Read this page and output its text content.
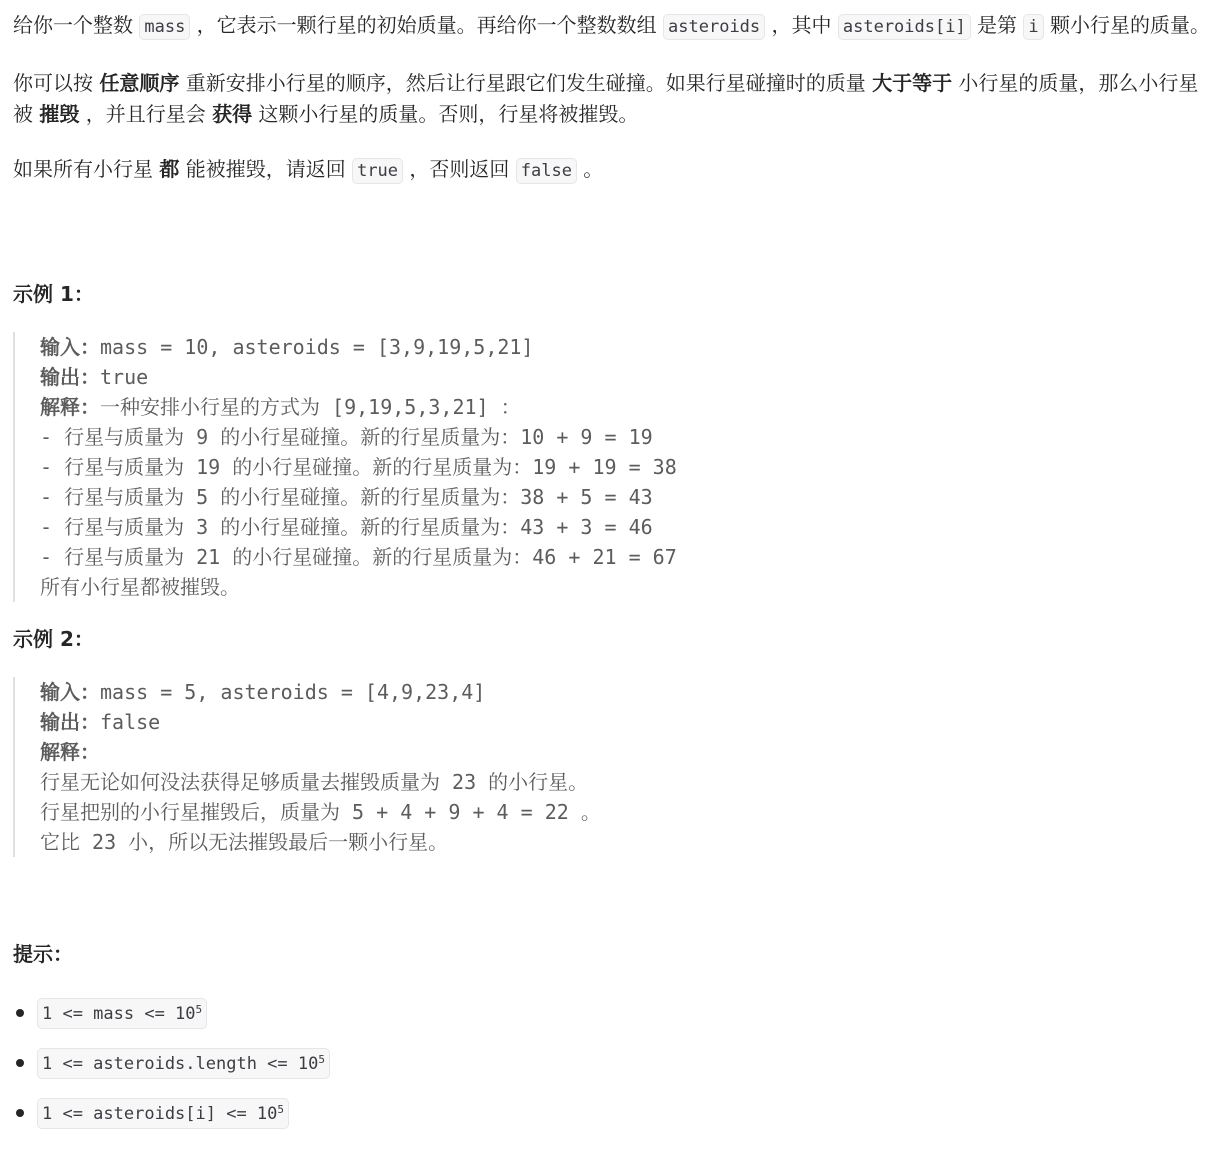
给你一个整数 mass ，它表示一颗行星的初始质量。再给你一个整数数组 asteroids ，其中 asteroids[i] 是第 i 颗小行星的质量。

你可以按 任意顺序 重新安排小行星的顺序，然后让行星跟它们发生碰撞。如果行星碰撞时的质量 大于等于 小行星的质量，那么小行星被 摧毁 ，并且行星会 获得 这颗小行星的质量。否则，行星将被摧毁。

如果所有小行星 都 能被摧毁，请返回 true ，否则返回 false 。

示例 1：

输入：mass = 10, asteroids = [3,9,19,5,21]
输出：true
解释：一种安排小行星的方式为 [9,19,5,3,21] ：
- 行星与质量为 9 的小行星碰撞。新的行星质量为：10 + 9 = 19
- 行星与质量为 19 的小行星碰撞。新的行星质量为：19 + 19 = 38
- 行星与质量为 5 的小行星碰撞。新的行星质量为：38 + 5 = 43
- 行星与质量为 3 的小行星碰撞。新的行星质量为：43 + 3 = 46
- 行星与质量为 21 的小行星碰撞。新的行星质量为：46 + 21 = 67
所有小行星都被摧毁。

示例 2：

输入：mass = 5, asteroids = [4,9,23,4]
输出：false
解释：
行星无论如何没法获得足够质量去摧毁质量为 23 的小行星。
行星把别的小行星摧毁后，质量为 5 + 4 + 9 + 4 = 22 。
它比 23 小，所以无法摧毁最后一颗小行星。

提示：

1 <= mass <= $10^5$
1 <= asteroids.length <= $10^5$
1 <= asteroids[i] <= $10^5$
